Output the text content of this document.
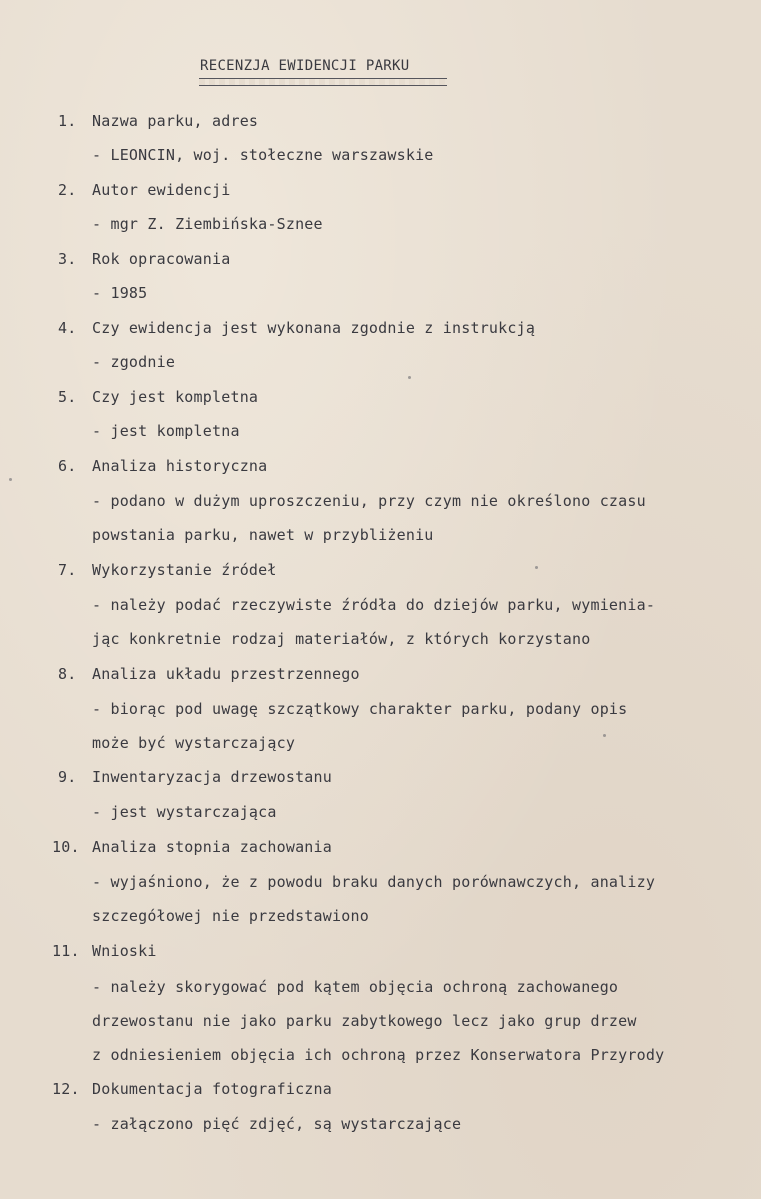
RECENZJA EWIDENCJI PARKU
1. Nazwa parku, adres
- LEONCIN, woj. stołeczne warszawskie
2. Autor ewidencji
- mgr Z. Ziembińska-Sznee
3. Rok opracowania
- 1985
4. Czy ewidencja jest wykonana zgodnie z instrukcją
- zgodnie
5. Czy jest kompletna
- jest kompletna
6. Analiza historyczna
- podano w dużym uproszczeniu, przy czym nie określono czasu
powstania parku, nawet w przybliżeniu
7. Wykorzystanie źródeł
- należy podać rzeczywiste źródła do dziejów parku, wymienia-
jąc konkretnie rodzaj materiałów, z których korzystano
8. Analiza układu przestrzennego
- biorąc pod uwagę szczątkowy charakter parku, podany opis
może być wystarczający
9. Inwentaryzacja drzewostanu
- jest wystarczająca
10. Analiza stopnia zachowania
- wyjaśniono, że z powodu braku danych porównawczych, analizy
szczegółowej nie przedstawiono
11. Wnioski
- należy skorygować pod kątem objęcia ochroną zachowanego
drzewostanu nie jako parku zabytkowego lecz jako grup drzew
z odniesieniem objęcia ich ochroną przez Konserwatora Przyrody
12. Dokumentacja fotograficzna
- załączono pięć zdjęć, są wystarczające
